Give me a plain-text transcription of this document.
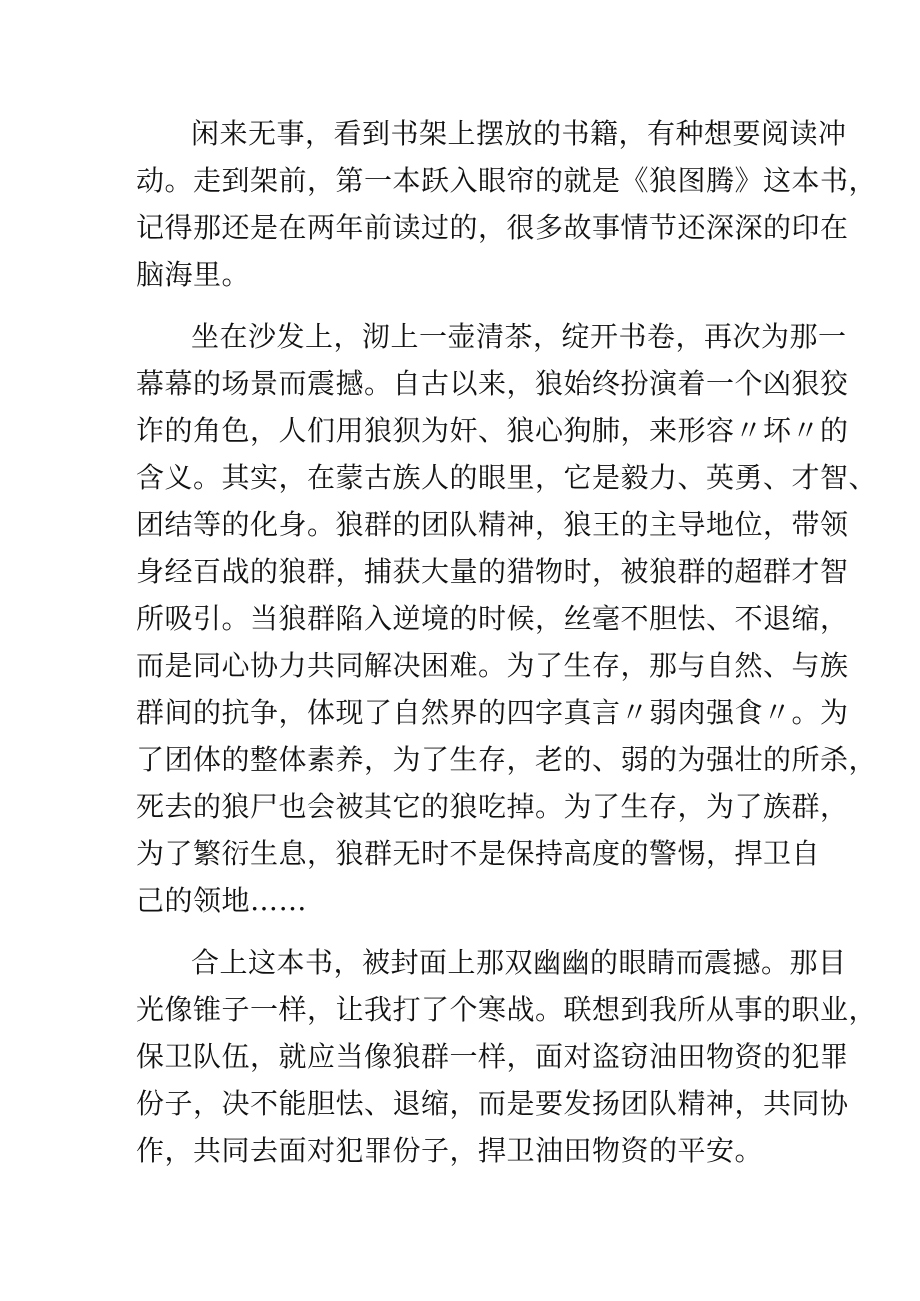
闲来无事，看到书架上摆放的书籍，有种想要阅读冲
动。走到架前，第一本跃入眼帘的就是《狼图腾》这本书，
记得那还是在两年前读过的，很多故事情节还深深的印在
脑海里。
坐在沙发上，沏上一壶清茶，绽开书卷，再次为那一
幕幕的场景而震撼。自古以来，狼始终扮演着一个凶狠狡
诈的角色，人们用狼狈为奸、狼心狗肺，来形容〃坏〃的
含义。其实，在蒙古族人的眼里，它是毅力、英勇、才智、
团结等的化身。狼群的团队精神，狼王的主导地位，带领
身经百战的狼群，捕获大量的猎物时，被狼群的超群才智
所吸引。当狼群陷入逆境的时候，丝毫不胆怯、不退缩，
而是同心协力共同解决困难。为了生存，那与自然、与族
群间的抗争，体现了自然界的四字真言〃弱肉强食〃。为
了团体的整体素养，为了生存，老的、弱的为强壮的所杀，
死去的狼尸也会被其它的狼吃掉。为了生存，为了族群，
为了繁衍生息，狼群无时不是保持高度的警惕，捍卫自
己的领地……
合上这本书，被封面上那双幽幽的眼睛而震撼。那目
光像锥子一样，让我打了个寒战。联想到我所从事的职业，
保卫队伍，就应当像狼群一样，面对盗窃油田物资的犯罪
份子，决不能胆怯、退缩，而是要发扬团队精神，共同协
作，共同去面对犯罪份子，捍卫油田物资的平安。
